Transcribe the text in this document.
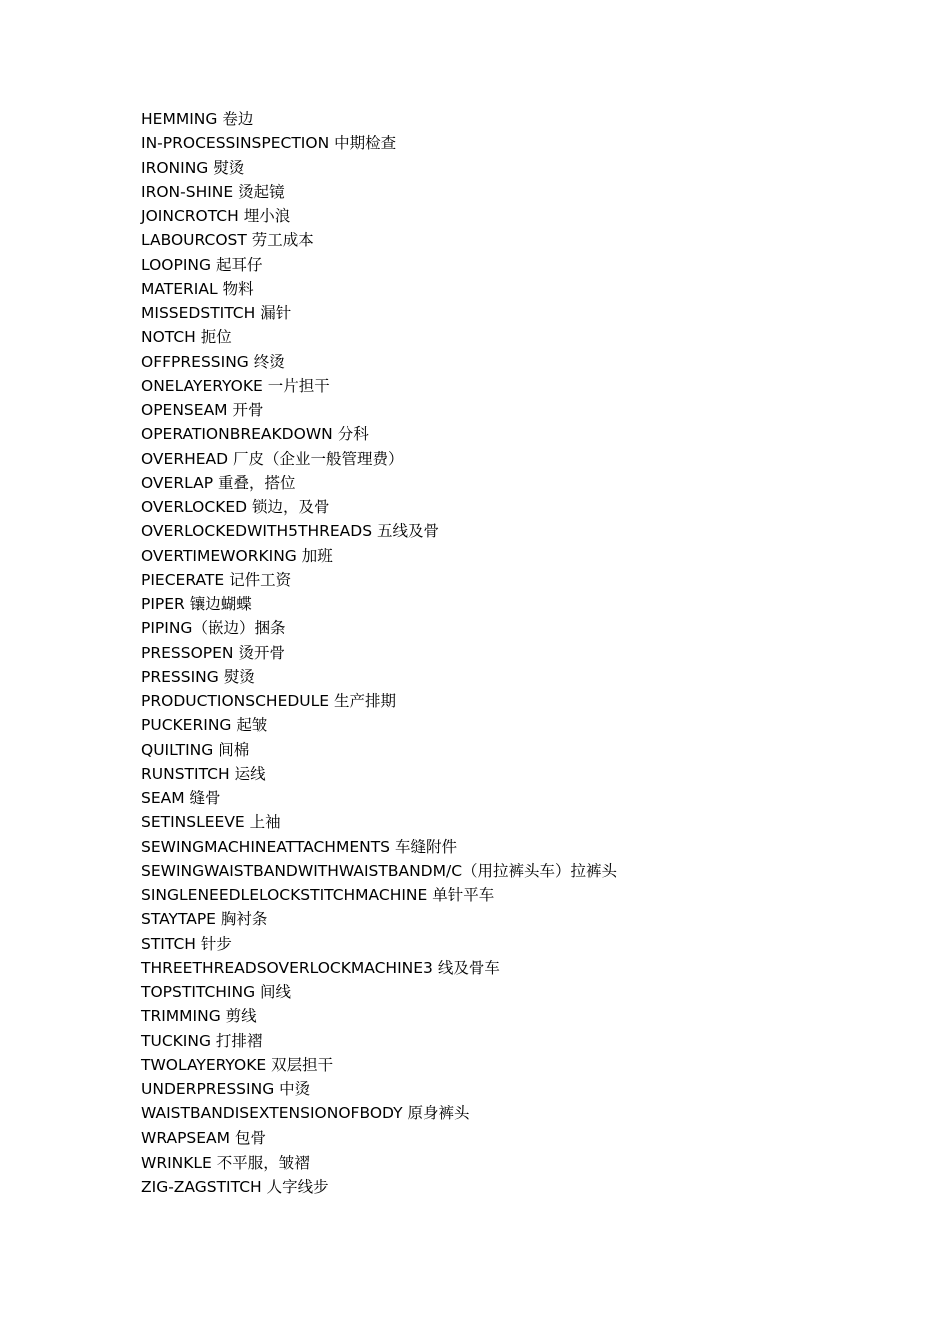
HEMMING 卷边
IN-PROCESSINSPECTION 中期检查
IRONING 熨烫
IRON-SHINE 烫起镜
JOINCROTCH 埋小浪
LABOURCOST 劳工成本
LOOPING 起耳仔
MATERIAL 物料
MISSEDSTITCH 漏针
NOTCH 扼位
OFFPRESSING 终烫
ONELAYERYOKE 一片担干
OPENSEAM 开骨
OPERATIONBREAKDOWN 分科
OVERHEAD 厂皮（企业一般管理费）
OVERLAP 重叠，搭位
OVERLOCKED 锁边，及骨
OVERLOCKEDWITH5THREADS 五线及骨
OVERTIMEWORKING 加班
PIECERATE 记件工资
PIPER 镶边蝴蝶
PIPING（嵌边）捆条
PRESSOPEN 烫开骨
PRESSING 熨烫
PRODUCTIONSCHEDULE 生产排期
PUCKERING 起皱
QUILTING 间棉
RUNSTITCH 运线
SEAM 缝骨
SETINSLEEVE 上袖
SEWINGMACHINEATTACHMENTS 车缝附件
SEWINGWAISTBANDWITHWAISTBANDM/C（用拉裤头车）拉裤头
SINGLENEEDLELOCKSTITCHMACHINE 单针平车
STAYTAPE 胸衬条
STITCH 针步
THREETHREADSOVERLOCKMACHINE3 线及骨车
TOPSTITCHING 间线
TRIMMING 剪线
TUCKING 打排褶
TWOLAYERYOKE 双层担干
UNDERPRESSING 中烫
WAISTBANDISEXTENSIONOFBODY 原身裤头
WRAPSEAM 包骨
WRINKLE 不平服，皱褶
ZIG-ZAGSTITCH 人字线步
